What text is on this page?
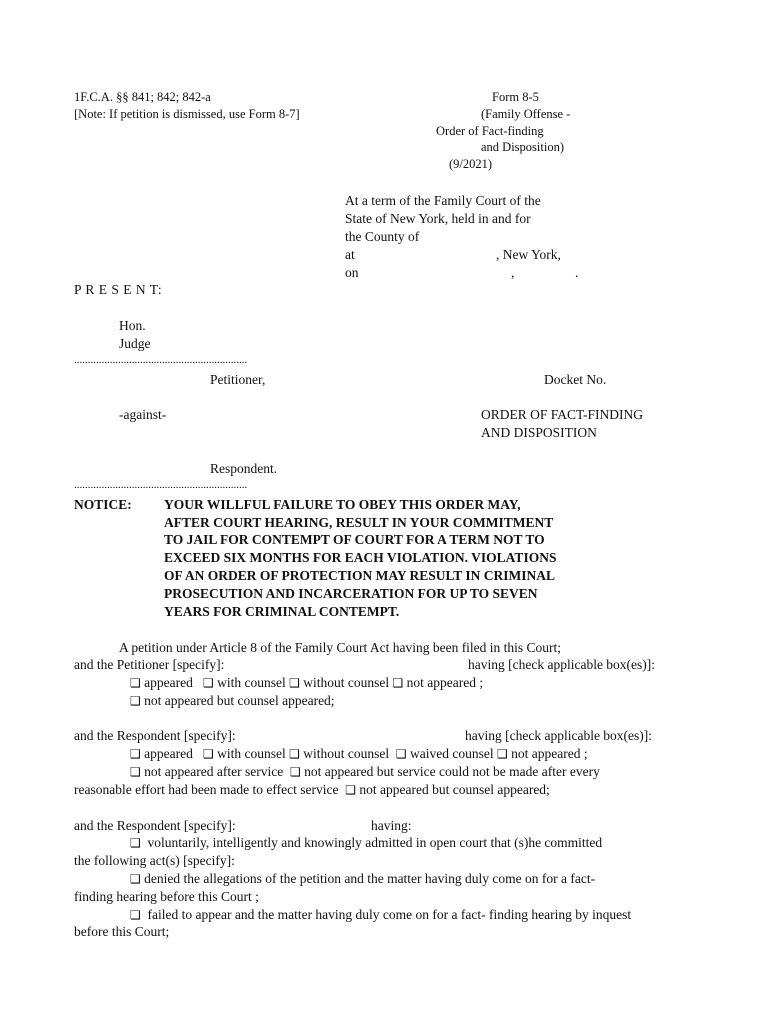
1F.C.A. §§ 841; 842; 842-a
[Note: If petition is dismissed, use Form 8-7]
Form 8-5
(Family Offense -
Order of Fact-finding
and Disposition)
(9/2021)
At a term of the Family Court of the
State of New York, held in and for
the County of
at	, New York,
on	,	.
P R E S E N T:
Hon.
Judge
...............................................................
Petitioner,	Docket No.
-against-	ORDER OF FACT-FINDING
AND DISPOSITION
Respondent.
...............................................................
NOTICE: YOUR WILLFUL FAILURE TO OBEY THIS ORDER MAY,
AFTER COURT HEARING, RESULT IN YOUR COMMITMENT
TO JAIL FOR CONTEMPT OF COURT FOR A TERM NOT TO
EXCEED SIX MONTHS FOR EACH VIOLATION. VIOLATIONS
OF AN ORDER OF PROTECTION MAY RESULT IN CRIMINAL
PROSECUTION AND INCARCERATION FOR UP TO SEVEN
YEARS FOR CRIMINAL CONTEMPT.
A petition under Article 8 of the Family Court Act having been filed in this Court;
and the Petitioner [specify]:	having [check applicable box(es)]:
❑ appeared ❑ with counsel ❑ without counsel ❑ not appeared ;
❑ not appeared but counsel appeared;
and the Respondent [specify]:	having [check applicable box(es)]:
❑ appeared ❑ with counsel ❑ without counsel ❑ waived counsel ❑ not appeared ;
❑ not appeared after service ❑ not appeared but service could not be made after every
reasonable effort had been made to effect service ❑ not appeared but counsel appeared;
and the Respondent [specify]:	having:
❑ voluntarily, intelligently and knowingly admitted in open court that (s)he committed
the following act(s) [specify]:
❑ denied the allegations of the petition and the matter having duly come on for a fact-
finding hearing before this Court ;
❑ failed to appear and the matter having duly come on for a fact- finding hearing by inquest
before this Court;
